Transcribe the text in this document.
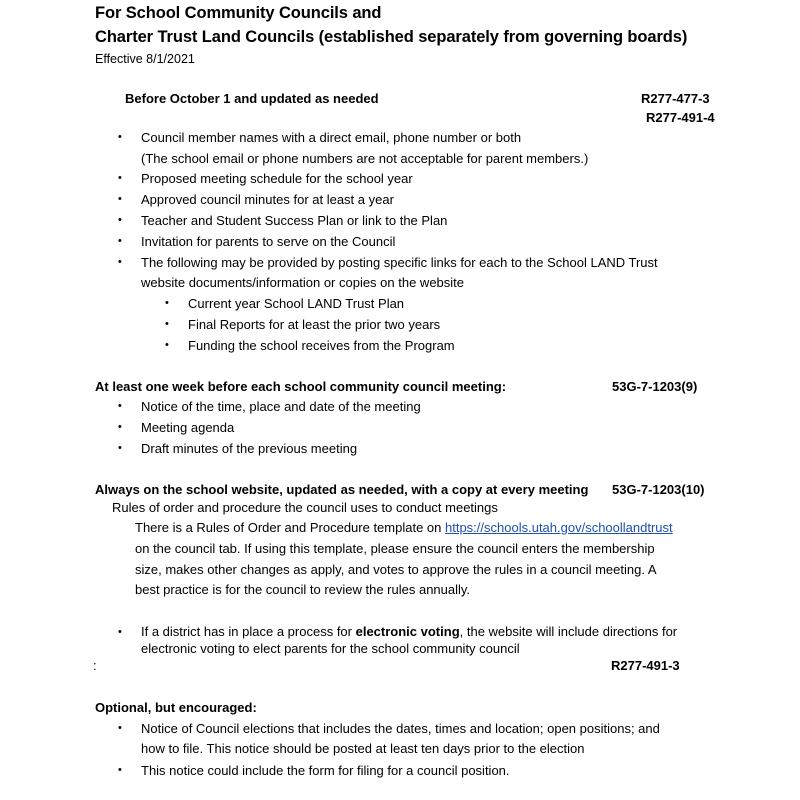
For School Community Councils and
Charter Trust Land Councils (established separately from governing boards)
Effective 8/1/2021
Before October 1 and updated as needed	R277-477-3
R277-491-4
• Council member names with a direct email, phone number or both
(The school email or phone numbers are not acceptable for parent members.)
• Proposed meeting schedule for the school year
• Approved council minutes for at least a year
• Teacher and Student Success Plan or link to the Plan
• Invitation for parents to serve on the Council
• The following may be provided by posting specific links for each to the School LAND Trust
website documents/information or copies on the website
• Current year School LAND Trust Plan
• Final Reports for at least the prior two years
• Funding the school receives from the Program
At least one week before each school community council meeting:	53G-7-1203(9)
• Notice of the time, place and date of the meeting
• Meeting agenda
• Draft minutes of the previous meeting
Always on the school website, updated as needed, with a copy at every meeting 53G-7-1203(10)
Rules of order and procedure the council uses to conduct meetings
There is a Rules of Order and Procedure template on https://schools.utah.gov/schoollandtrust
on the council tab. If using this template, please ensure the council enters the membership
size, makes other changes as apply, and votes to approve the rules in a council meeting. A
best practice is for the council to review the rules annually.
• If a district has in place a process for electronic voting, the website will include directions for
electronic voting to elect parents for the school community council
:	R277-491-3
Optional, but encouraged:
• Notice of Council elections that includes the dates, times and location; open positions; and
how to file. This notice should be posted at least ten days prior to the election
• This notice could include the form for filing for a council position.
